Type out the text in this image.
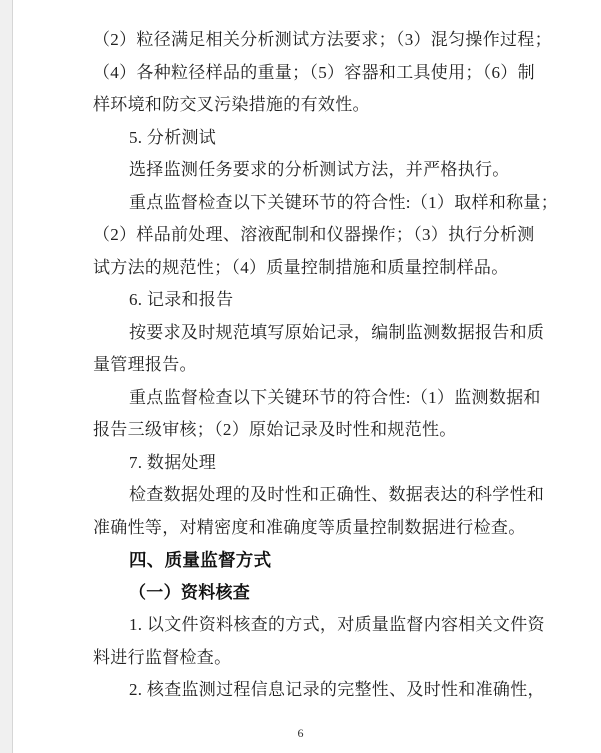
（2）粒径满足相关分析测试方法要求；（3）混匀操作过程；
（4）各种粒径样品的重量；（5）容器和工具使用；（6）制
样环境和防交叉污染措施的有效性。
5. 分析测试
选择监测任务要求的分析测试方法，并严格执行。
重点监督检查以下关键环节的符合性:（1）取样和称量；
（2）样品前处理、溶液配制和仪器操作；（3）执行分析测
试方法的规范性；（4）质量控制措施和质量控制样品。
6. 记录和报告
按要求及时规范填写原始记录，编制监测数据报告和质
量管理报告。
重点监督检查以下关键环节的符合性:（1）监测数据和
报告三级审核；（2）原始记录及时性和规范性。
7. 数据处理
检查数据处理的及时性和正确性、数据表达的科学性和
准确性等，对精密度和准确度等质量控制数据进行检查。
四、质量监督方式
（一）资料核查
1. 以文件资料核查的方式，对质量监督内容相关文件资
料进行监督检查。
2. 核查监测过程信息记录的完整性、及时性和准确性，
6
